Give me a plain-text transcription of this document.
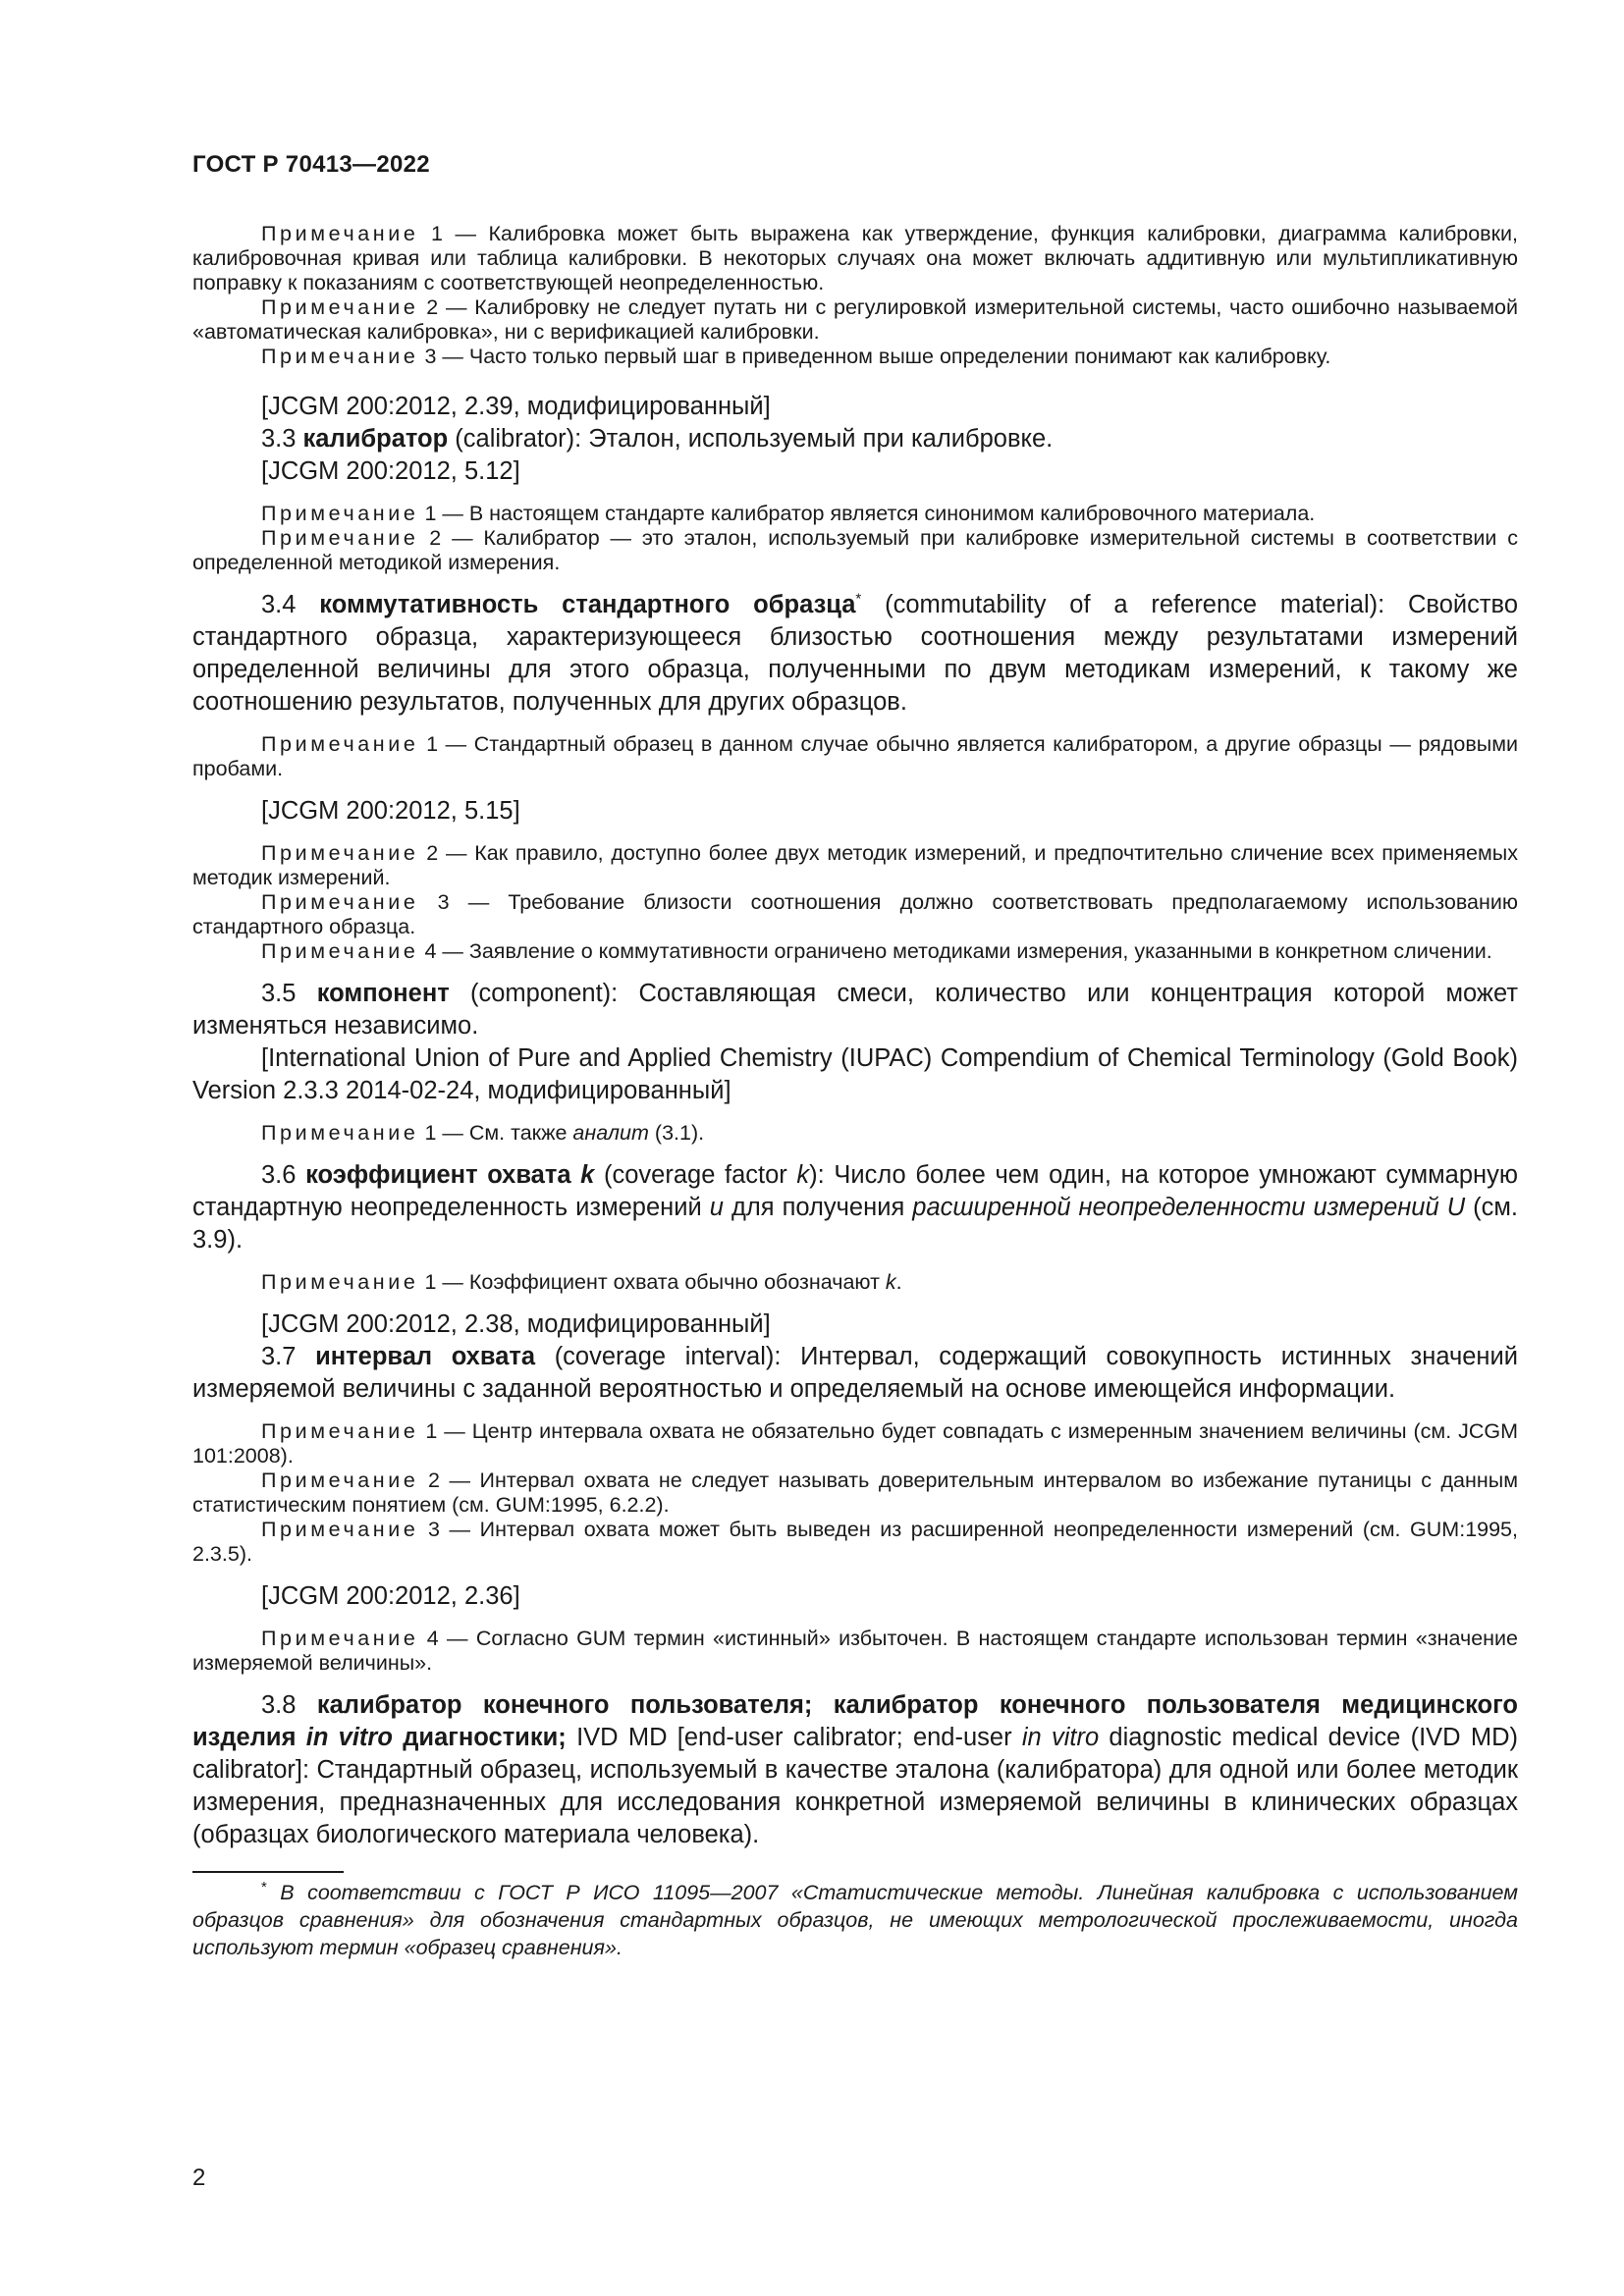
ГОСТ Р 70413—2022

Примечание 1 — Калибровка может быть выражена как утверждение, функция калибровки, диаграмма калибровки, калибровочная кривая или таблица калибровки. В некоторых случаях она может включать аддитивную или мультипликативную поправку к показаниям с соответствующей неопределенностью.

Примечание 2 — Калибровку не следует путать ни с регулировкой измерительной системы, часто ошибочно называемой «автоматическая калибровка», ни с верификацией калибровки.

Примечание 3 — Часто только первый шаг в приведенном выше определении понимают как калибровку.

[JCGM 200:2012, 2.39, модифицированный]

3.3 калибратор (calibrator): Эталон, используемый при калибровке.

[JCGM 200:2012, 5.12]

Примечание 1 — В настоящем стандарте калибратор является синонимом калибровочного материала.

Примечание 2 — Калибратор — это эталон, используемый при калибровке измерительной системы в соответствии с определенной методикой измерения.

3.4 коммутативность стандартного образца* (commutability of a reference material): Свойство стандартного образца, характеризующееся близостью соотношения между результатами измерений определенной величины для этого образца, полученными по двум методикам измерений, к такому же соотношению результатов, полученных для других образцов.

Примечание 1 — Стандартный образец в данном случае обычно является калибратором, а другие образцы — рядовыми пробами.

[JCGM 200:2012, 5.15]

Примечание 2 — Как правило, доступно более двух методик измерений, и предпочтительно сличение всех применяемых методик измерений.

Примечание 3 — Требование близости соотношения должно соответствовать предполагаемому использованию стандартного образца.

Примечание 4 — Заявление о коммутативности ограничено методиками измерения, указанными в конкретном сличении.

3.5 компонент (component): Составляющая смеси, количество или концентрация которой может изменяться независимо.

[International Union of Pure and Applied Chemistry (IUPAC) Compendium of Chemical Terminology (Gold Book) Version 2.3.3 2014-02-24, модифицированный]

Примечание 1 — См. также аналит (3.1).

3.6 коэффициент охвата k (coverage factor k): Число более чем один, на которое умножают суммарную стандартную неопределенность измерений u для получения расширенной неопределенности измерений U (см. 3.9).

Примечание 1 — Коэффициент охвата обычно обозначают k.

[JCGM 200:2012, 2.38, модифицированный]

3.7 интервал охвата (coverage interval): Интервал, содержащий совокупность истинных значений измеряемой величины с заданной вероятностью и определяемый на основе имеющейся информации.

Примечание 1 — Центр интервала охвата не обязательно будет совпадать с измеренным значением величины (см. JCGM 101:2008).

Примечание 2 — Интервал охвата не следует называть доверительным интервалом во избежание путаницы с данным статистическим понятием (см. GUM:1995, 6.2.2).

Примечание 3 — Интервал охвата может быть выведен из расширенной неопределенности измерений (см. GUM:1995, 2.3.5).

[JCGM 200:2012, 2.36]

Примечание 4 — Согласно GUM термин «истинный» избыточен. В настоящем стандарте использован термин «значение измеряемой величины».

3.8 калибратор конечного пользователя; калибратор конечного пользователя медицинского изделия in vitro диагностики; IVD MD [end-user calibrator; end-user in vitro diagnostic medical device (IVD MD) calibrator]: Стандартный образец, используемый в качестве эталона (калибратора) для одной или более методик измерения, предназначенных для исследования конкретной измеряемой величины в клинических образцах (образцах биологического материала человека).

* В соответствии с ГОСТ Р ИСО 11095—2007 «Статистические методы. Линейная калибровка с использованием образцов сравнения» для обозначения стандартных образцов, не имеющих метрологической прослеживаемости, иногда используют термин «образец сравнения».

2
